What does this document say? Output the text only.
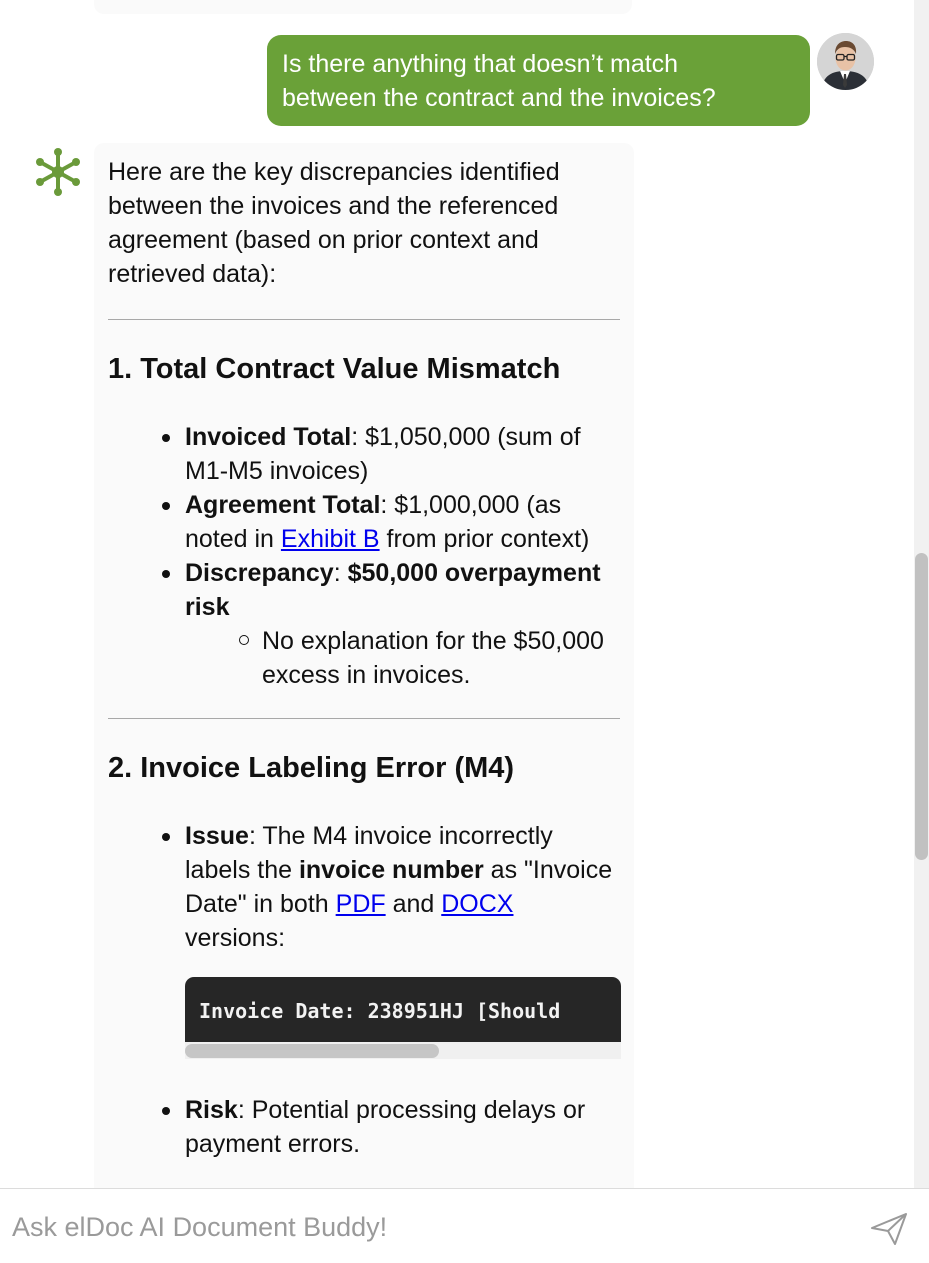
Is there anything that doesn’t match
between the contract and the invoices?

Here are the key discrepancies identified between the invoices and the referenced agreement (based on prior context and retrieved data):

1. Total Contract Value Mismatch
Invoiced Total: $1,050,000 (sum of M1-M5 invoices)
Agreement Total: $1,000,000 (as noted in Exhibit B from prior context)
Discrepancy: $50,000 overpayment risk
No explanation for the $50,000 excess in invoices.
2. Invoice Labeling Error (M4)
Issue: The M4 invoice incorrectly labels the invoice number as "Invoice Date" in both PDF and DOCX versions:
Invoice Date: 238951HJ [Should
Risk: Potential processing delays or payment errors.
Ask elDoc AI Document Buddy!
